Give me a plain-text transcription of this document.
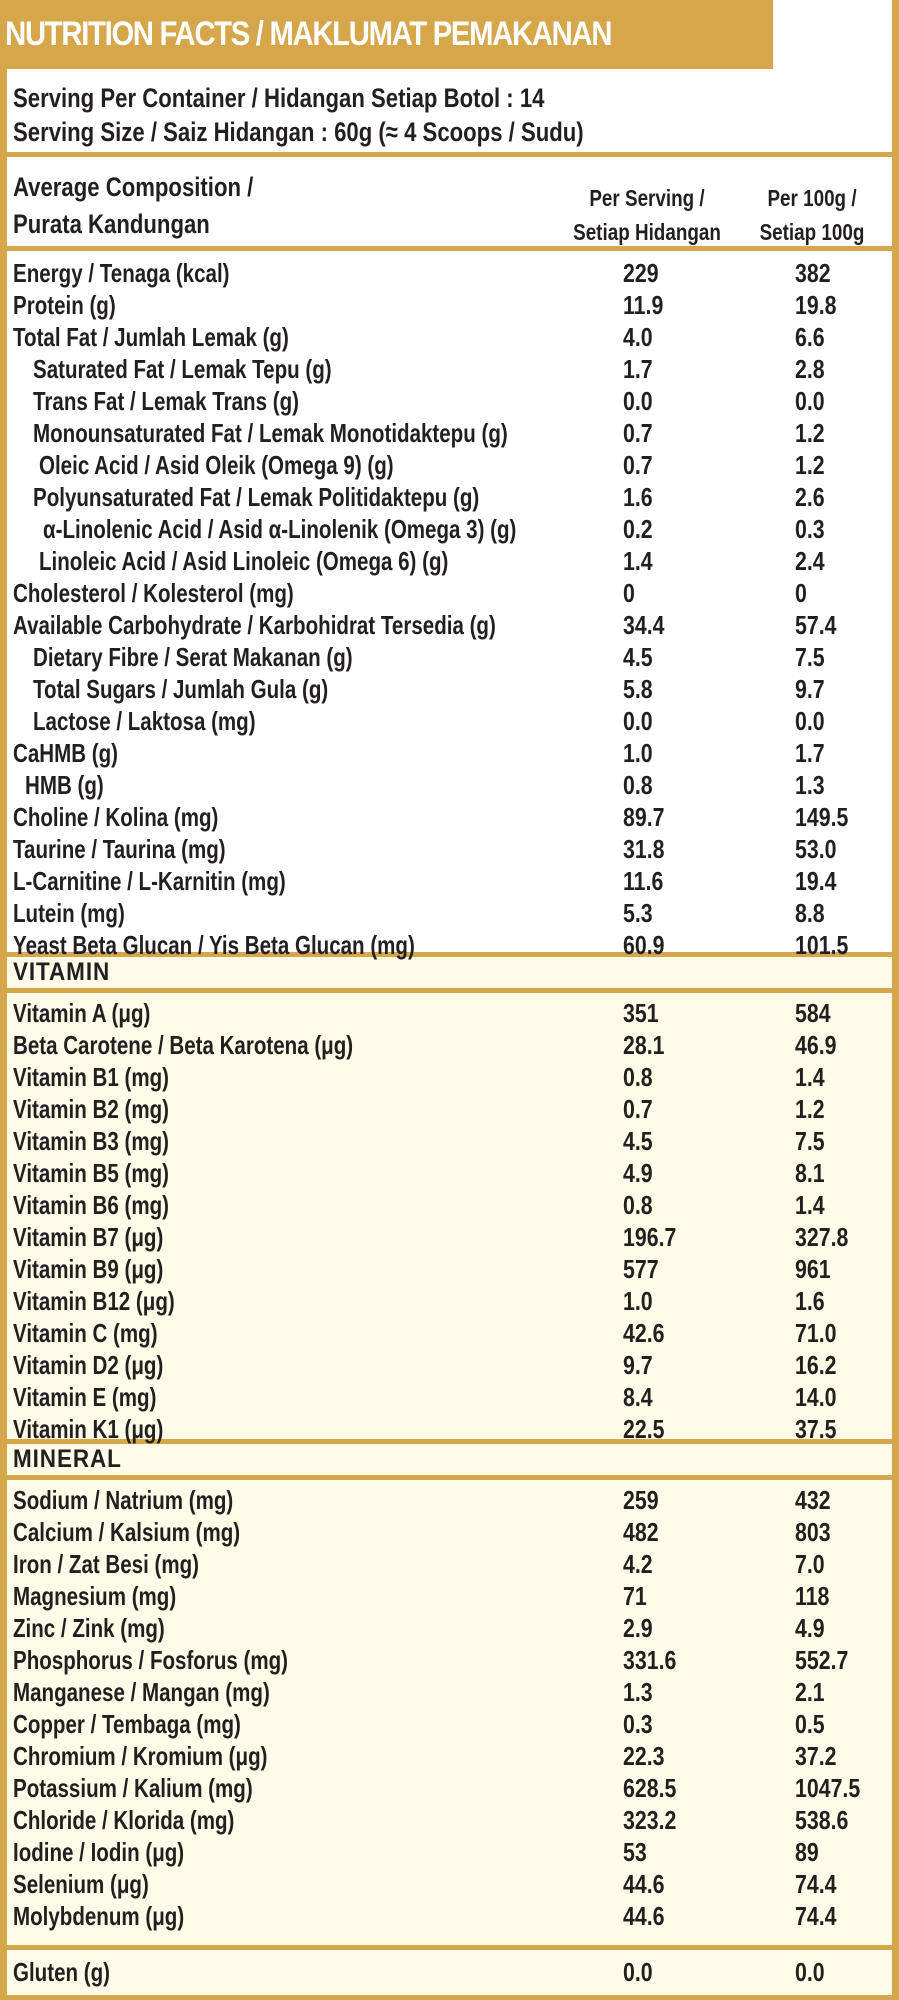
NUTRITION FACTS / MAKLUMAT PEMAKANAN
Serving Per Container / Hidangan Setiap Botol : 14
Serving Size / Saiz Hidangan : 60g (≈ 4 Scoops / Sudu)
Average Composition /
Purata Kandungan
Per Serving /
Setiap Hidangan
Per 100g /
Setiap 100g
Energy / Tenaga (kcal)	229	382
Protein (g)	11.9	19.8
Total Fat / Jumlah Lemak (g)	4.0	6.6
Saturated Fat / Lemak Tepu (g)	1.7	2.8
Trans Fat / Lemak Trans (g)	0.0	0.0
Monounsaturated Fat / Lemak Monotidaktepu (g)	0.7	1.2
Oleic Acid / Asid Oleik (Omega 9) (g)	0.7	1.2
Polyunsaturated Fat / Lemak Politidaktepu (g)	1.6	2.6
α-Linolenic Acid / Asid α-Linolenik (Omega 3) (g)	0.2	0.3
Linoleic Acid / Asid Linoleic (Omega 6) (g)	1.4	2.4
Cholesterol / Kolesterol (mg)	0	0
Available Carbohydrate / Karbohidrat Tersedia (g)	34.4	57.4
Dietary Fibre / Serat Makanan (g)	4.5	7.5
Total Sugars / Jumlah Gula (g)	5.8	9.7
Lactose / Laktosa (mg)	0.0	0.0
CaHMB (g)	1.0	1.7
HMB (g)	0.8	1.3
Choline / Kolina (mg)	89.7	149.5
Taurine / Taurina (mg)	31.8	53.0
L-Carnitine / L-Karnitin (mg)	11.6	19.4
Lutein (mg)	5.3	8.8
Yeast Beta Glucan / Yis Beta Glucan (mg)	60.9	101.5
VITAMIN
Vitamin A (μg)	351	584
Beta Carotene / Beta Karotena (μg)	28.1	46.9
Vitamin B1 (mg)	0.8	1.4
Vitamin B2 (mg)	0.7	1.2
Vitamin B3 (mg)	4.5	7.5
Vitamin B5 (mg)	4.9	8.1
Vitamin B6 (mg)	0.8	1.4
Vitamin B7 (μg)	196.7	327.8
Vitamin B9 (μg)	577	961
Vitamin B12 (μg)	1.0	1.6
Vitamin C (mg)	42.6	71.0
Vitamin D2 (μg)	9.7	16.2
Vitamin E (mg)	8.4	14.0
Vitamin K1 (μg)	22.5	37.5
MINERAL
Sodium / Natrium (mg)	259	432
Calcium / Kalsium (mg)	482	803
Iron / Zat Besi (mg)	4.2	7.0
Magnesium (mg)	71	118
Zinc / Zink (mg)	2.9	4.9
Phosphorus / Fosforus (mg)	331.6	552.7
Manganese / Mangan (mg)	1.3	2.1
Copper / Tembaga (mg)	0.3	0.5
Chromium / Kromium (μg)	22.3	37.2
Potassium / Kalium (mg)	628.5	1047.5
Chloride / Klorida (mg)	323.2	538.6
Iodine / Iodin (μg)	53	89
Selenium (μg)	44.6	74.4
Molybdenum (μg)	44.6	74.4
Gluten (g)	0.0	0.0
